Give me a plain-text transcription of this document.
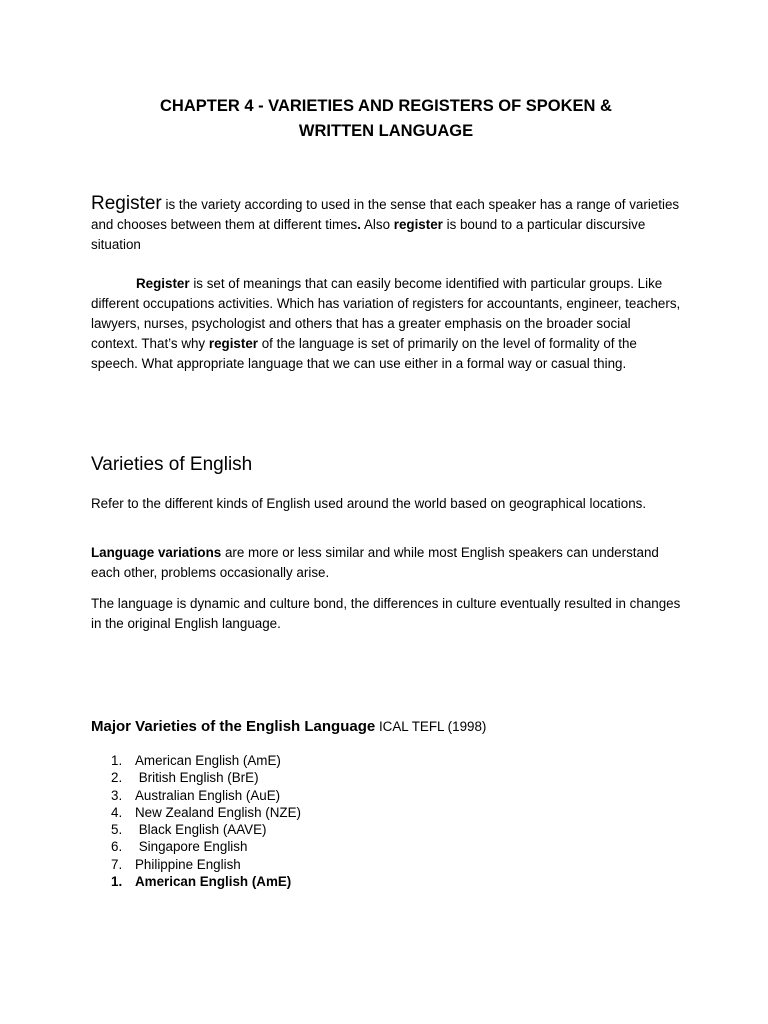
CHAPTER 4 - VARIETIES AND REGISTERS OF SPOKEN &
WRITTEN LANGUAGE

Register is the variety according to used in the sense that each speaker has a range of varieties and chooses between them at different times. Also register is bound to a particular discursive situation

Register is set of meanings that can easily become identified with particular groups. Like different occupations activities. Which has variation of registers for accountants, engineer, teachers, lawyers, nurses, psychologist and others that has a greater emphasis on the broader social context. That’s why register of the language is set of primarily on the level of formality of the speech. What appropriate language that we can use either in a formal way or casual thing.

Varieties of English

Refer to the different kinds of English used around the world based on geographical locations.

Language variations are more or less similar and while most English speakers can understand each other, problems occasionally arise.

The language is dynamic and culture bond, the differences in culture eventually resulted in changes in the original English language.

Major Varieties of the English Language ICAL TEFL (1998)
1. American English (AmE)
2. British English (BrE)
3. Australian English (AuE)
4. New Zealand English (NZE)
5. Black English (AAVE)
6. Singapore English
7. Philippine English
1. American English (AmE)
